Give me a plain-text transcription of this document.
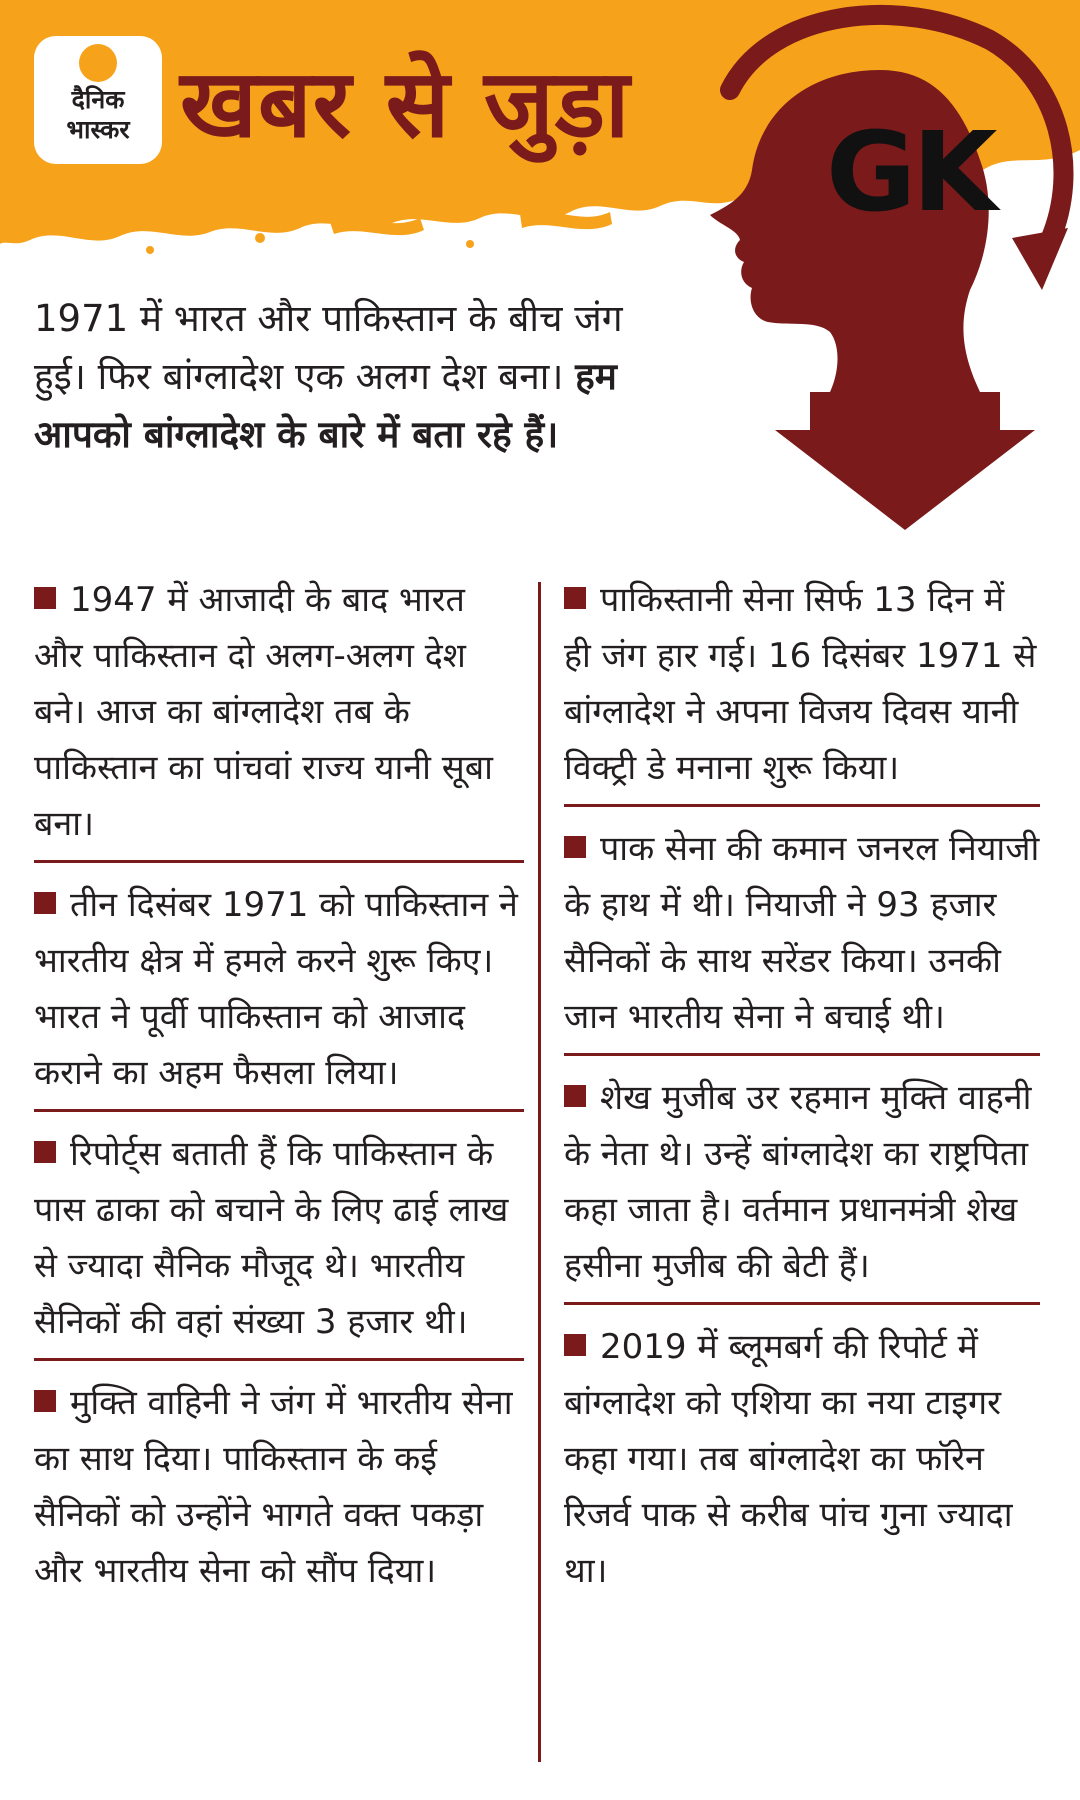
दैनिक
भास्कर खबर से जुड़ा
GK
1971 में भारत और पाकिस्तान के बीच जंग हुई। फिर बांग्लादेश एक अलग देश बना। हम आपको बांग्लादेश के बारे में बता रहे हैं।
1947 में आजादी के बाद भारत और पाकिस्तान दो अलग-अलग देश बने। आज का बांग्लादेश तब के पाकिस्तान का पांचवां राज्य यानी सूबा बना।
तीन दिसंबर 1971 को पाकिस्तान ने भारतीय क्षेत्र में हमले करने शुरू किए। भारत ने पूर्वी पाकिस्तान को आजाद कराने का अहम फैसला लिया।
रिपोर्ट्स बताती हैं कि पाकिस्तान के पास ढाका को बचाने के लिए ढाई लाख से ज्यादा सैनिक मौजूद थे। भारतीय सैनिकों की वहां संख्या 3 हजार थी।
मुक्ति वाहिनी ने जंग में भारतीय सेना का साथ दिया। पाकिस्तान के कई सैनिकों को उन्होंने भागते वक्त पकड़ा और भारतीय सेना को सौंप दिया।
पाकिस्तानी सेना सिर्फ 13 दिन में ही जंग हार गई। 16 दिसंबर 1971 से बांग्लादेश ने अपना विजय दिवस यानी विक्ट्री डे मनाना शुरू किया।
पाक सेना की कमान जनरल नियाजी के हाथ में थी। नियाजी ने 93 हजार सैनिकों के साथ सरेंडर किया। उनकी जान भारतीय सेना ने बचाई थी।
शेख मुजीब उर रहमान मुक्ति वाहनी के नेता थे। उन्हें बांग्लादेश का राष्ट्रपिता कहा जाता है। वर्तमान प्रधानमंत्री शेख हसीना मुजीब की बेटी हैं।
2019 में ब्लूमबर्ग की रिपोर्ट में बांग्लादेश को एशिया का नया टाइगर कहा गया। तब बांग्लादेश का फॉरेन रिजर्व पाक से करीब पांच गुना ज्यादा था।
